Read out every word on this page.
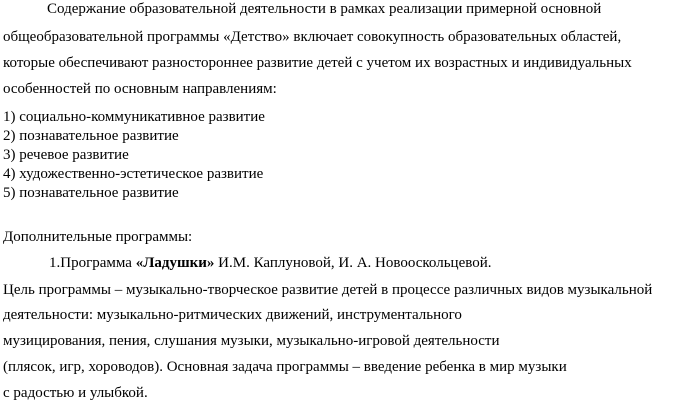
Содержание образовательной деятельности в рамках реализации примерной основной
общеобразовательной программы «Детство» включает совокупность образовательных областей,
которые обеспечивают разностороннее развитие детей с учетом их возрастных и индивидуальных
особенностей по основным направлениям:
1) социально-коммуникативное развитие
2) познавательное развитие
3) речевое развитие
4) художественно-эстетическое развитие
5) познавательное развитие
Дополнительные программы:
1.Программа «Ладушки» И.М. Каплуновой, И. А. Новооскольцевой.
Цель программы – музыкально-творческое развитие детей в процессе различных видов музыкальной
деятельности: музыкально-ритмических движений, инструментального
музицирования, пения, слушания музыки, музыкально-игровой деятельности
(плясок, игр, хороводов). Основная задача программы – введение ребенка в мир музыки
с радостью и улыбкой.
